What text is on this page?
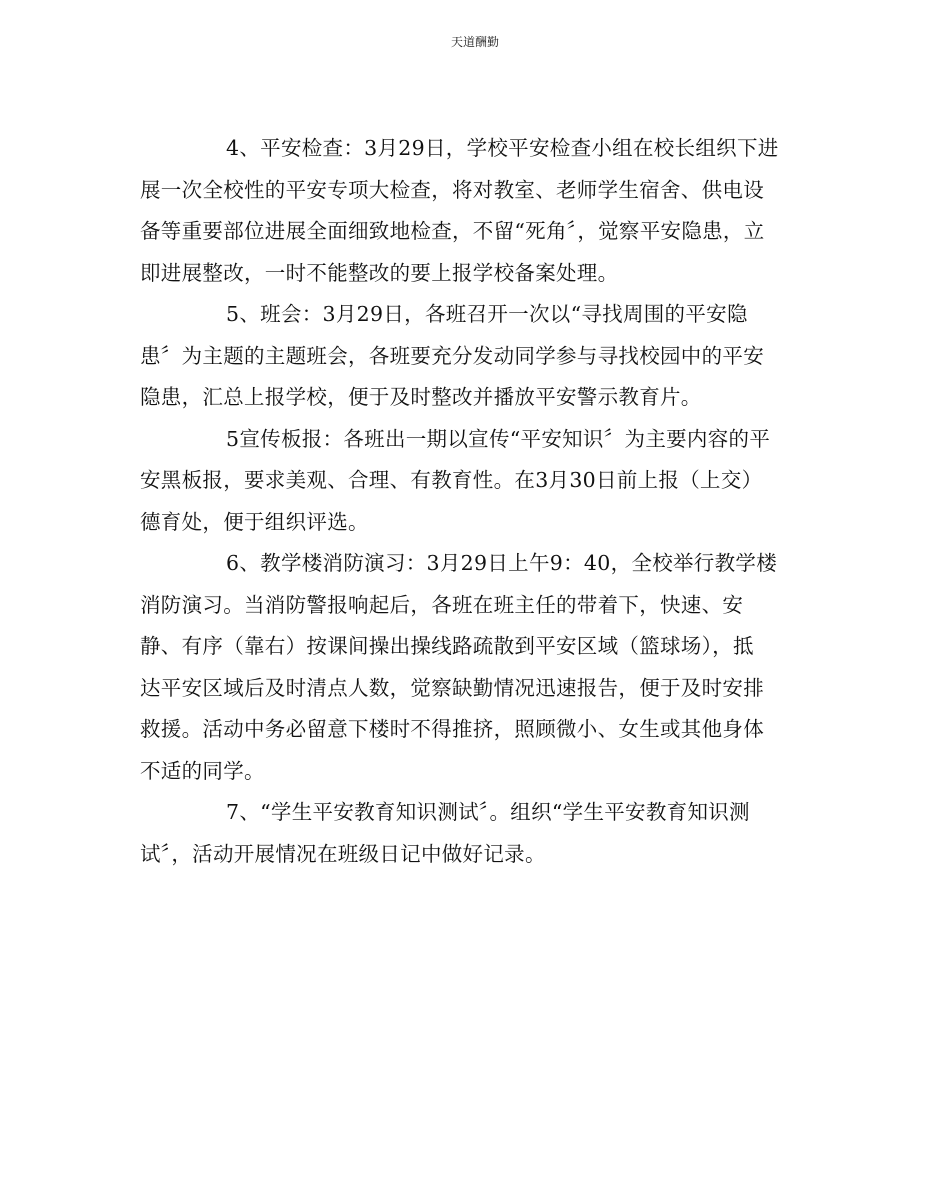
天道酬勤
4、平安检查：3月29日，学校平安检查小组在校长组织下进
展一次全校性的平安专项大检查，将对教室、老师学生宿舍、供电设
备等重要部位进展全面细致地检查，不留“死角〞，觉察平安隐患，立
即进展整改，一时不能整改的要上报学校备案处理。
5、班会：3月29日，各班召开一次以“寻找周围的平安隐
患〞为主题的主题班会，各班要充分发动同学参与寻找校园中的平安
隐患，汇总上报学校，便于及时整改并播放平安警示教育片。
5宣传板报：各班出一期以宣传“平安知识〞为主要内容的平
安黑板报，要求美观、合理、有教育性。在3月30日前上报（上交）
德育处，便于组织评选。
6、教学楼消防演习：3月29日上午9：40，全校举行教学楼
消防演习。当消防警报响起后，各班在班主任的带着下，快速、安
静、有序（靠右）按课间操出操线路疏散到平安区域（篮球场），抵
达平安区域后及时清点人数，觉察缺勤情况迅速报告，便于及时安排
救援。活动中务必留意下楼时不得推挤，照顾微小、女生或其他身体
不适的同学。
7、“学生平安教育知识测试〞。组织“学生平安教育知识测
试〞，活动开展情况在班级日记中做好记录。
